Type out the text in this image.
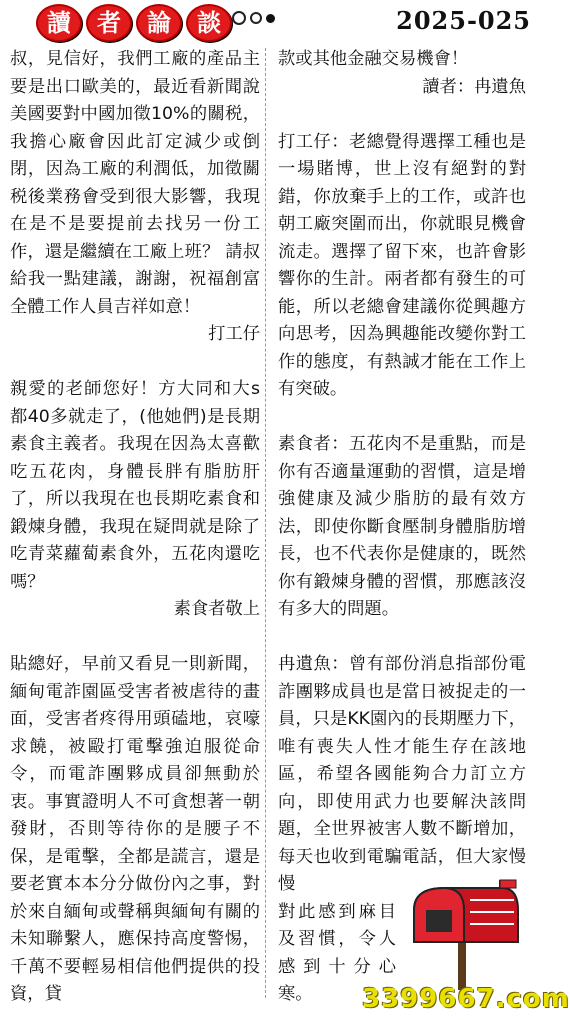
讀	者	論	談	2025-025

叔，見信好，我們工廠的產品主要是出口歐美的，最近看新聞說美國要對中國加徵10%的關税，我擔心廠會因此訂定減少或倒閉，因為工廠的利潤低，加徵關税後業務會受到很大影響，我現在是不是要提前去找另一份工作，還是繼續在工廠上班？ 請叔給我一點建議，謝謝，祝福創富全體工作人員吉祥如意！

打工仔

親愛的老師您好！方大同和大s都40多就走了，(他她們)是長期素食主義者。我現在因為太喜歡吃五花肉，身體長胖有脂肪肝了，所以我現在也長期吃素食和鍛煉身體，我現在疑問就是除了吃青菜蘿蔔素食外，五花肉還吃嗎？

素食者敬上

貼總好，早前又看見一則新聞，緬甸電詐園區受害者被虐待的畫面，受害者疼得用頭磕地，哀嚎求饒，被毆打電擊強迫服從命令，而電詐團夥成員卻無動於衷。事實證明人不可貪想著一朝發財，否則等待你的是腰子不保，是電擊，全都是謊言，還是要老實本本分分做份內之事，對於來自緬甸或聲稱與緬甸有關的未知聯繫人，應保持高度警惕，千萬不要輕易相信他們提供的投資，貸

款或其他金融交易機會！

讀者：冉遺魚

打工仔：老總覺得選擇工種也是一場賭博，世上沒有絕對的對錯，你放棄手上的工作，或許也朝工廠突圍而出，你就眼見機會流走。選擇了留下來，也許會影響你的生計。兩者都有發生的可能，所以老總會建議你從興趣方向思考，因為興趣能改變你對工作的態度，有熱誠才能在工作上有突破。

素食者：五花肉不是重點，而是你有否適量運動的習慣，這是增強健康及減少脂肪的最有效方法，即使你斷食壓制身體脂肪增長，也不代表你是健康的，既然你有鍛煉身體的習慣，那應該沒有多大的問題。

冉遺魚：曾有部份消息指部份電詐團夥成員也是當日被捉走的一員，只是KK園內的長期壓力下，唯有喪失人性才能生存在該地區，希望各國能夠合力訂立方向，即使用武力也要解決該問題，全世界被害人數不斷增加，每天也收到電騙電話，但大家慢慢

對此感到麻目及習慣，令人感到十分心寒。	3399667.com
